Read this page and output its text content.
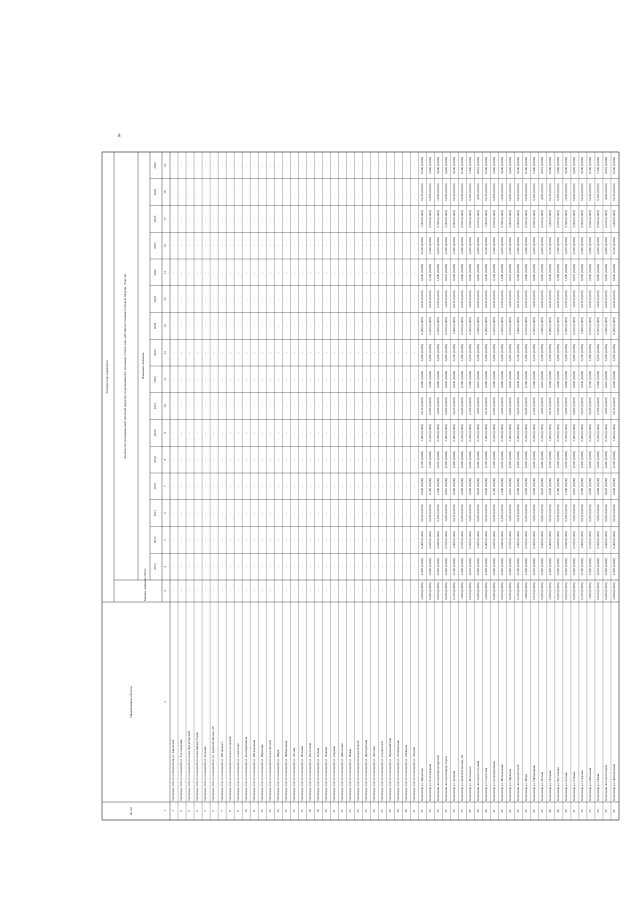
8
№ п/п
Наименование объекта
Технические показатели	Количество тренировочной тепловой нагрузки, подключаемой к тепловым сетям в зоне действия источника тепловой энергии, Гкал/час
Базовое значение 2014 г.
Плановые значения
2015
2016
2017
2018
2019
2020
2021
2022
2023
2024
2025
2026
2027
2028
2029
2030
1
2
3
4
5
6
7
8
9
10
11
12
13
14
15
16
17
18
19
1
Тепловые сети от котельной на ул. Заводской
-
-
-
-
-
-
-
-
-
-
-
-
-
-
-
-
-
2
Тепловые сети от котельной ул. 8-я Северная
-
-
-
-
-
-
-
-
-
-
-
-
-
-
-
-
-
3
Тепловые сети от котельной поселка Пролетарский
-
-
-
-
-
-
-
-
-
-
-
-
-
-
-
-
-
4
Тепловые сети от котельной поселка Карьер Горки
-
-
-
-
-
-
-
-
-
-
-
-
-
-
-
-
-
5
Тепловые сети от котельной ул. Зеленая
-
-
-
-
-
-
-
-
-
-
-
-
-
-
-
-
-
6
Тепловые сети от котельной по ул. Красной Звезды, 49
-
-
-
-
-
-
-
-
-
-
-
-
-
-
-
-
-
7
Тепловые сети от котельной ул. М.Горького
-
-
-
-
-
-
-
-
-
-
-
-
-
-
-
-
-
8
Тепловые сети от котельной поселка Сосновый
-
-
-
-
-
-
-
-
-
-
-
-
-
-
-
-
-
9
Тепловые сети от котельной ул. Советская
-
-
-
-
-
-
-
-
-
-
-
-
-
-
-
-
-
10
Тепловые сети от котельной ул. Кооперативная
-
-
-
-
-
-
-
-
-
-
-
-
-
-
-
-
-
11
Тепловые сети от котельной ул. Молодежная
-
-
-
-
-
-
-
-
-
-
-
-
-
-
-
-
-
12
Тепловые сети от котельной ул. Парковая
-
-
-
-
-
-
-
-
-
-
-
-
-
-
-
-
-
13
Тепловые сети от котельной поселка Лесной
-
-
-
-
-
-
-
-
-
-
-
-
-
-
-
-
-
14
Тепловые сети от котельной ул. Мира
-
-
-
-
-
-
-
-
-
-
-
-
-
-
-
-
-
15
Тепловые сети от котельной ул. Набережная
-
-
-
-
-
-
-
-
-
-
-
-
-
-
-
-
-
16
Тепловые сети от котельной ул. Лесная
-
-
-
-
-
-
-
-
-
-
-
-
-
-
-
-
-
17
Тепловые сети от котельной ул. Полевая
-
-
-
-
-
-
-
-
-
-
-
-
-
-
-
-
-
18
Тепловые сети от котельной ул. Восточная
-
-
-
-
-
-
-
-
-
-
-
-
-
-
-
-
-
19
Тепловые сети от котельной ул. Речная
-
-
-
-
-
-
-
-
-
-
-
-
-
-
-
-
-
20
Тепловые сети от котельной ул. Южная
-
-
-
-
-
-
-
-
-
-
-
-
-
-
-
-
-
21
Тепловые сети от котельной ул. Садовая
-
-
-
-
-
-
-
-
-
-
-
-
-
-
-
-
-
22
Тепловые сети от котельной ул. Школьная
-
-
-
-
-
-
-
-
-
-
-
-
-
-
-
-
-
23
Тепловые сети от котельной ул. Новая
-
-
-
-
-
-
-
-
-
-
-
-
-
-
-
-
-
24
Тепловые сети от котельной поселка Речной
-
-
-
-
-
-
-
-
-
-
-
-
-
-
-
-
-
25
Тепловые сети от котельной ул. Центральная
-
-
-
-
-
-
-
-
-
-
-
-
-
-
-
-
-
26
Тепловые сети от котельной ул. Луговая
-
-
-
-
-
-
-
-
-
-
-
-
-
-
-
-
-
27
Тепловые сети от котельной ул. Строителей
-
-
-
-
-
-
-
-
-
-
-
-
-
-
-
-
-
28
Тепловые сети от котельной ул. Первомайская
-
-
-
-
-
-
-
-
-
-
-
-
-
-
-
-
-
29
Тепловые сети от котельной ул. Октябрьская
-
-
-
-
-
-
-
-
-
-
-
-
-
-
-
-
-
30
Тепловые сети от котельной ул. Гагарина
-
-
-
-
-
-
-
-
-
-
-
-
-
-
-
-
-
31
Тепловые сети от котельной ул. Ленина
-
-
-
-
-
-
-
-
-
-
-
-
-
-
-
-
-
32
Котельная ул. Заводская
2,000 (0,000)
2,000 (0,000)
0,000 (0,000)
0,020 (0,000)
0,040 (0,000)
0,100 (0,000)
1,000 (0,000)
0,010 (0,000)
0,500 (0,000)
2,000 (0,000)
0,000 (0,000)
0,020 (0,000)
0,040 (0,000)
0,100 (0,000)
1,000 (0,000)
0,010 (0,000)
0,500 (0,000)
33
Котельная ул. 8-я Северная
0,000 (0,000)
0,000 (0,000)
0,020 (0,000)
0,040 (0,000)
0,100 (0,000)
1,000 (0,000)
0,010 (0,000)
0,500 (0,000)
2,000 (0,000)
0,000 (0,000)
0,020 (0,000)
0,040 (0,000)
0,100 (0,000)
1,000 (0,000)
0,010 (0,000)
0,500 (0,000)
2,000 (0,000)
34
Котельная поселка Пролетарский
0,020 (0,000)
0,020 (0,000)
0,040 (0,000)
0,100 (0,000)
1,000 (0,000)
0,010 (0,000)
0,500 (0,000)
2,000 (0,000)
0,000 (0,000)
0,020 (0,000)
0,040 (0,000)
0,100 (0,000)
1,000 (0,000)
0,010 (0,000)
0,500 (0,000)
2,000 (0,000)
0,000 (0,000)
35
Котельная поселка Карьер Горки
0,040 (0,000)
0,040 (0,000)
0,100 (0,000)
1,000 (0,000)
0,010 (0,000)
0,500 (0,000)
2,000 (0,000)
0,000 (0,000)
0,020 (0,000)
0,040 (0,000)
0,100 (0,000)
1,000 (0,000)
0,010 (0,000)
0,500 (0,000)
2,000 (0,000)
0,000 (0,000)
0,020 (0,000)
36
Котельная ул. Зеленая
0,100 (0,000)
0,100 (0,000)
1,000 (0,000)
0,010 (0,000)
0,500 (0,000)
2,000 (0,000)
0,000 (0,000)
0,020 (0,000)
0,040 (0,000)
0,100 (0,000)
1,000 (0,000)
0,010 (0,000)
0,500 (0,000)
2,000 (0,000)
0,000 (0,000)
0,020 (0,000)
0,040 (0,000)
37
Котельная ул. Красной Звезды, 49
1,000 (0,000)
1,000 (0,000)
0,010 (0,000)
0,500 (0,000)
2,000 (0,000)
0,000 (0,000)
0,020 (0,000)
0,040 (0,000)
0,100 (0,000)
1,000 (0,000)
0,010 (0,000)
0,500 (0,000)
2,000 (0,000)
0,000 (0,000)
0,020 (0,000)
0,040 (0,000)
0,100 (0,000)
38
Котельная ул. М.Горького
0,010 (0,000)
0,010 (0,000)
0,500 (0,000)
2,000 (0,000)
0,000 (0,000)
0,020 (0,000)
0,040 (0,000)
0,100 (0,000)
1,000 (0,000)
0,010 (0,000)
0,500 (0,000)
2,000 (0,000)
0,000 (0,000)
0,020 (0,000)
0,040 (0,000)
0,100 (0,000)
1,000 (0,000)
39
Котельная поселка Сосновый
0,500 (0,000)
0,500 (0,000)
2,000 (0,000)
0,000 (0,000)
0,020 (0,000)
0,040 (0,000)
0,100 (0,000)
1,000 (0,000)
0,010 (0,000)
0,500 (0,000)
2,000 (0,000)
0,000 (0,000)
0,020 (0,000)
0,040 (0,000)
0,100 (0,000)
1,000 (0,000)
0,010 (0,000)
40
Котельная ул. Советская
2,000 (0,000)
2,000 (0,000)
0,000 (0,000)
0,020 (0,000)
0,040 (0,000)
0,100 (0,000)
1,000 (0,000)
0,010 (0,000)
0,500 (0,000)
2,000 (0,000)
0,000 (0,000)
0,020 (0,000)
0,040 (0,000)
0,100 (0,000)
1,000 (0,000)
0,010 (0,000)
0,500 (0,000)
41
Котельная ул. Кооперативная
0,000 (0,000)
0,000 (0,000)
0,020 (0,000)
0,040 (0,000)
0,100 (0,000)
1,000 (0,000)
0,010 (0,000)
0,500 (0,000)
2,000 (0,000)
0,000 (0,000)
0,020 (0,000)
0,040 (0,000)
0,100 (0,000)
1,000 (0,000)
0,010 (0,000)
0,500 (0,000)
2,000 (0,000)
42
Котельная ул. Молодежная
0,020 (0,000)
0,020 (0,000)
0,040 (0,000)
0,100 (0,000)
1,000 (0,000)
0,010 (0,000)
0,500 (0,000)
2,000 (0,000)
0,000 (0,000)
0,020 (0,000)
0,040 (0,000)
0,100 (0,000)
1,000 (0,000)
0,010 (0,000)
0,500 (0,000)
2,000 (0,000)
0,000 (0,000)
43
Котельная ул. Парковая
0,040 (0,000)
0,040 (0,000)
0,100 (0,000)
1,000 (0,000)
0,010 (0,000)
0,500 (0,000)
2,000 (0,000)
0,000 (0,000)
0,020 (0,000)
0,040 (0,000)
0,100 (0,000)
1,000 (0,000)
0,010 (0,000)
0,500 (0,000)
2,000 (0,000)
0,000 (0,000)
0,020 (0,000)
44
Котельная поселка Лесной
0,100 (0,000)
0,100 (0,000)
1,000 (0,000)
0,010 (0,000)
0,500 (0,000)
2,000 (0,000)
0,000 (0,000)
0,020 (0,000)
0,040 (0,000)
0,100 (0,000)
1,000 (0,000)
0,010 (0,000)
0,500 (0,000)
2,000 (0,000)
0,000 (0,000)
0,020 (0,000)
0,040 (0,000)
45
Котельная ул. Мира
1,000 (0,000)
1,000 (0,000)
0,010 (0,000)
0,500 (0,000)
2,000 (0,000)
0,000 (0,000)
0,020 (0,000)
0,040 (0,000)
0,100 (0,000)
1,000 (0,000)
0,010 (0,000)
0,500 (0,000)
2,000 (0,000)
0,000 (0,000)
0,020 (0,000)
0,040 (0,000)
0,100 (0,000)
46
Котельная ул. Набережная
0,010 (0,000)
0,010 (0,000)
0,500 (0,000)
2,000 (0,000)
0,000 (0,000)
0,020 (0,000)
0,040 (0,000)
0,100 (0,000)
1,000 (0,000)
0,010 (0,000)
0,500 (0,000)
2,000 (0,000)
0,000 (0,000)
0,020 (0,000)
0,040 (0,000)
0,100 (0,000)
1,000 (0,000)
47
Котельная ул. Лесная
0,500 (0,000)
0,500 (0,000)
2,000 (0,000)
0,000 (0,000)
0,020 (0,000)
0,040 (0,000)
0,100 (0,000)
1,000 (0,000)
0,010 (0,000)
0,500 (0,000)
2,000 (0,000)
0,000 (0,000)
0,020 (0,000)
0,040 (0,000)
0,100 (0,000)
1,000 (0,000)
0,010 (0,000)
48
Котельная ул. Полевая
2,000 (0,000)
2,000 (0,000)
0,000 (0,000)
0,020 (0,000)
0,040 (0,000)
0,100 (0,000)
1,000 (0,000)
0,010 (0,000)
0,500 (0,000)
2,000 (0,000)
0,000 (0,000)
0,020 (0,000)
0,040 (0,000)
0,100 (0,000)
1,000 (0,000)
0,010 (0,000)
0,500 (0,000)
49
Котельная ул. Восточная
0,000 (0,000)
0,000 (0,000)
0,020 (0,000)
0,040 (0,000)
0,100 (0,000)
1,000 (0,000)
0,010 (0,000)
0,500 (0,000)
2,000 (0,000)
0,000 (0,000)
0,020 (0,000)
0,040 (0,000)
0,100 (0,000)
1,000 (0,000)
0,010 (0,000)
0,500 (0,000)
2,000 (0,000)
50
Котельная ул. Речная
0,020 (0,000)
0,020 (0,000)
0,040 (0,000)
0,100 (0,000)
1,000 (0,000)
0,010 (0,000)
0,500 (0,000)
2,000 (0,000)
0,000 (0,000)
0,020 (0,000)
0,040 (0,000)
0,100 (0,000)
1,000 (0,000)
0,010 (0,000)
0,500 (0,000)
2,000 (0,000)
0,000 (0,000)
51
Котельная ул. Южная
0,040 (0,000)
0,040 (0,000)
0,100 (0,000)
1,000 (0,000)
0,010 (0,000)
0,500 (0,000)
2,000 (0,000)
0,000 (0,000)
0,020 (0,000)
0,040 (0,000)
0,100 (0,000)
1,000 (0,000)
0,010 (0,000)
0,500 (0,000)
2,000 (0,000)
0,000 (0,000)
0,020 (0,000)
52
Котельная ул. Садовая
0,100 (0,000)
0,100 (0,000)
1,000 (0,000)
0,010 (0,000)
0,500 (0,000)
2,000 (0,000)
0,000 (0,000)
0,020 (0,000)
0,040 (0,000)
0,100 (0,000)
1,000 (0,000)
0,010 (0,000)
0,500 (0,000)
2,000 (0,000)
0,000 (0,000)
0,020 (0,000)
0,040 (0,000)
53
Котельная ул. Школьная
1,000 (0,000)
1,000 (0,000)
0,010 (0,000)
0,500 (0,000)
2,000 (0,000)
0,000 (0,000)
0,020 (0,000)
0,040 (0,000)
0,100 (0,000)
1,000 (0,000)
0,010 (0,000)
0,500 (0,000)
2,000 (0,000)
0,000 (0,000)
0,020 (0,000)
0,040 (0,000)
0,100 (0,000)
54
Котельная ул. Новая
0,010 (0,000)
0,010 (0,000)
0,500 (0,000)
2,000 (0,000)
0,000 (0,000)
0,020 (0,000)
0,040 (0,000)
0,100 (0,000)
1,000 (0,000)
0,010 (0,000)
0,500 (0,000)
2,000 (0,000)
0,000 (0,000)
0,020 (0,000)
0,040 (0,000)
0,100 (0,000)
1,000 (0,000)
55
Котельная поселка Речной
0,500 (0,000)
0,500 (0,000)
2,000 (0,000)
0,000 (0,000)
0,020 (0,000)
0,040 (0,000)
0,100 (0,000)
1,000 (0,000)
0,010 (0,000)
0,500 (0,000)
2,000 (0,000)
0,000 (0,000)
0,020 (0,000)
0,040 (0,000)
0,100 (0,000)
1,000 (0,000)
0,010 (0,000)
56
Котельная ул. Центральная
2,000 (0,000)
2,000 (0,000)
0,000 (0,000)
0,020 (0,000)
0,040 (0,000)
0,100 (0,000)
1,000 (0,000)
0,010 (0,000)
0,500 (0,000)
2,000 (0,000)
0,000 (0,000)
0,020 (0,000)
0,040 (0,000)
0,100 (0,000)
1,000 (0,000)
0,010 (0,000)
0,500 (0,000)
